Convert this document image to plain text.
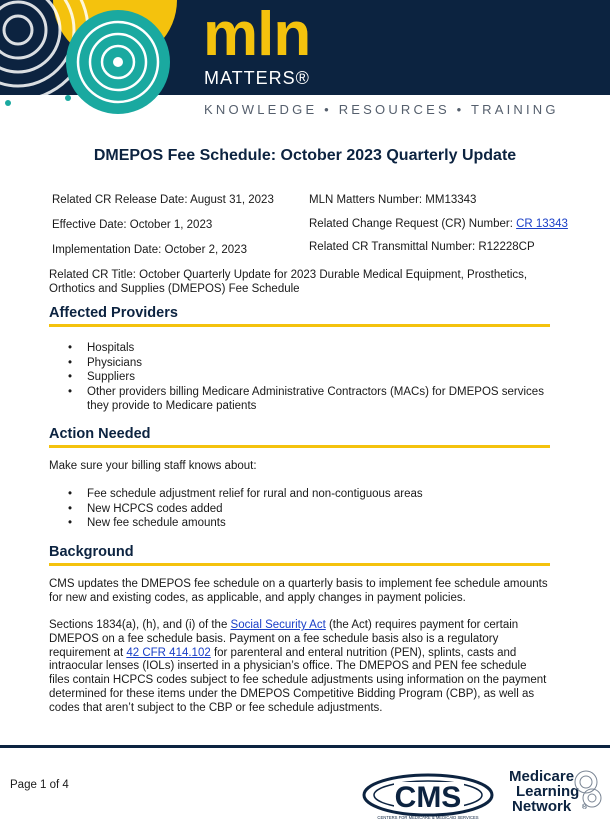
mln
MATTERS®
KNOWLEDGE • RESOURCES • TRAINING
DMEPOS Fee Schedule: October 2023 Quarterly Update
Related CR Release Date: August 31, 2023
Effective Date: October 1, 2023
Implementation Date: October 2, 2023
MLN Matters Number: MM13343
Related Change Request (CR) Number: CR 13343
Related CR Transmittal Number: R12228CP
Related CR Title: October Quarterly Update for 2023 Durable Medical Equipment, Prosthetics, Orthotics and Supplies (DMEPOS) Fee Schedule
Affected Providers
• Hospitals
• Physicians
• Suppliers
• Other providers billing Medicare Administrative Contractors (MACs) for DMEPOS services they provide to Medicare patients
Action Needed

Make sure your billing staff knows about:

• Fee schedule adjustment relief for rural and non-contiguous areas
• New HCPCS codes added
• New fee schedule amounts
Background

CMS updates the DMEPOS fee schedule on a quarterly basis to implement fee schedule amounts for new and existing codes, as applicable, and apply changes in payment policies.

Sections 1834(a), (h), and (i) of the Social Security Act (the Act) requires payment for certain DMEPOS on a fee schedule basis. Payment on a fee schedule basis also is a regulatory requirement at 42 CFR 414.102 for parenteral and enteral nutrition (PEN), splints, casts and intraocular lenses (IOLs) inserted in a physician’s office. The DMEPOS and PEN fee schedule files contain HCPCS codes subject to fee schedule adjustments using information on the payment determined for these items under the DMEPOS Competitive Bidding Program (CBP), as well as codes that aren’t subject to the CBP or fee schedule adjustments.

Page 1 of 4	CMS
CENTERS FOR MEDICARE & MEDICAID SERVICES
Medicare
Learning
Network ®
